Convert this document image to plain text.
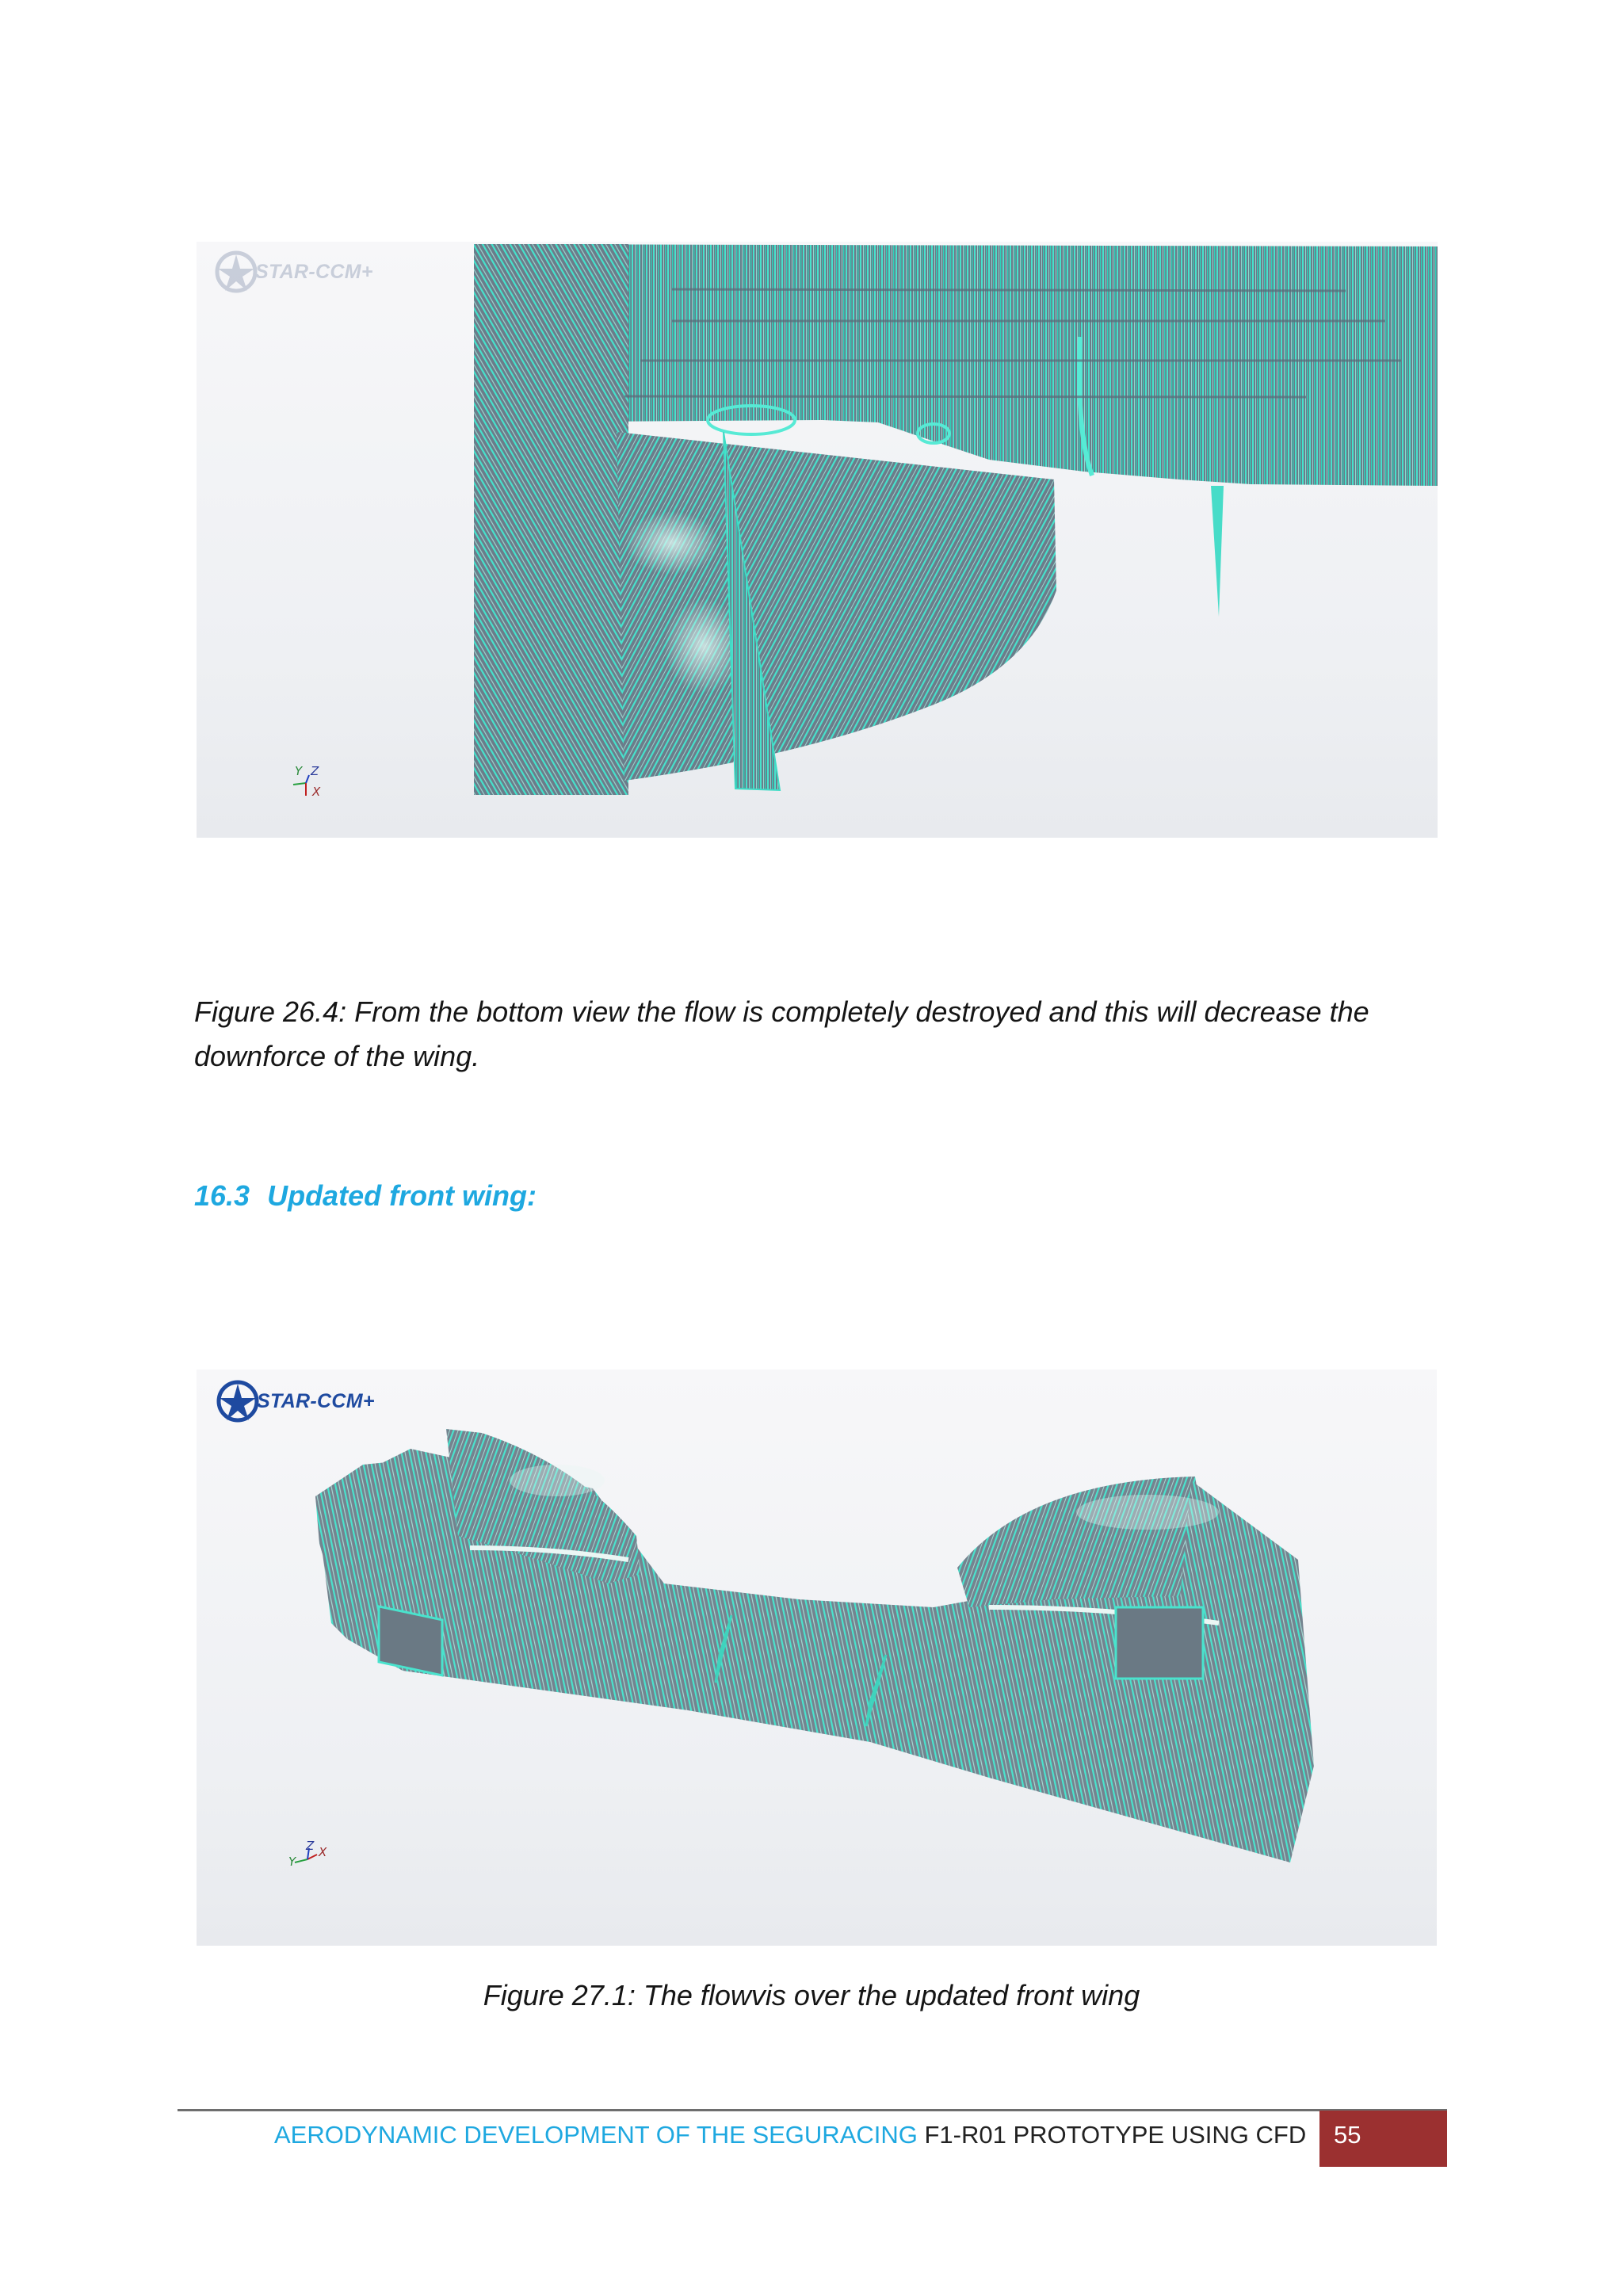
STAR-CCM+
Y Z
X
Figure 26.4: From the bottom view the flow is completely destroyed and this will decrease the downforce of the wing.
16.3 Updated front wing:
STAR-CCM+
Y
Z X
Figure 27.1: The flowvis over the updated front wing
AERODYNAMIC DEVELOPMENT OF THE SEGURACING F1-R01 PROTOTYPE USING CFD 55
